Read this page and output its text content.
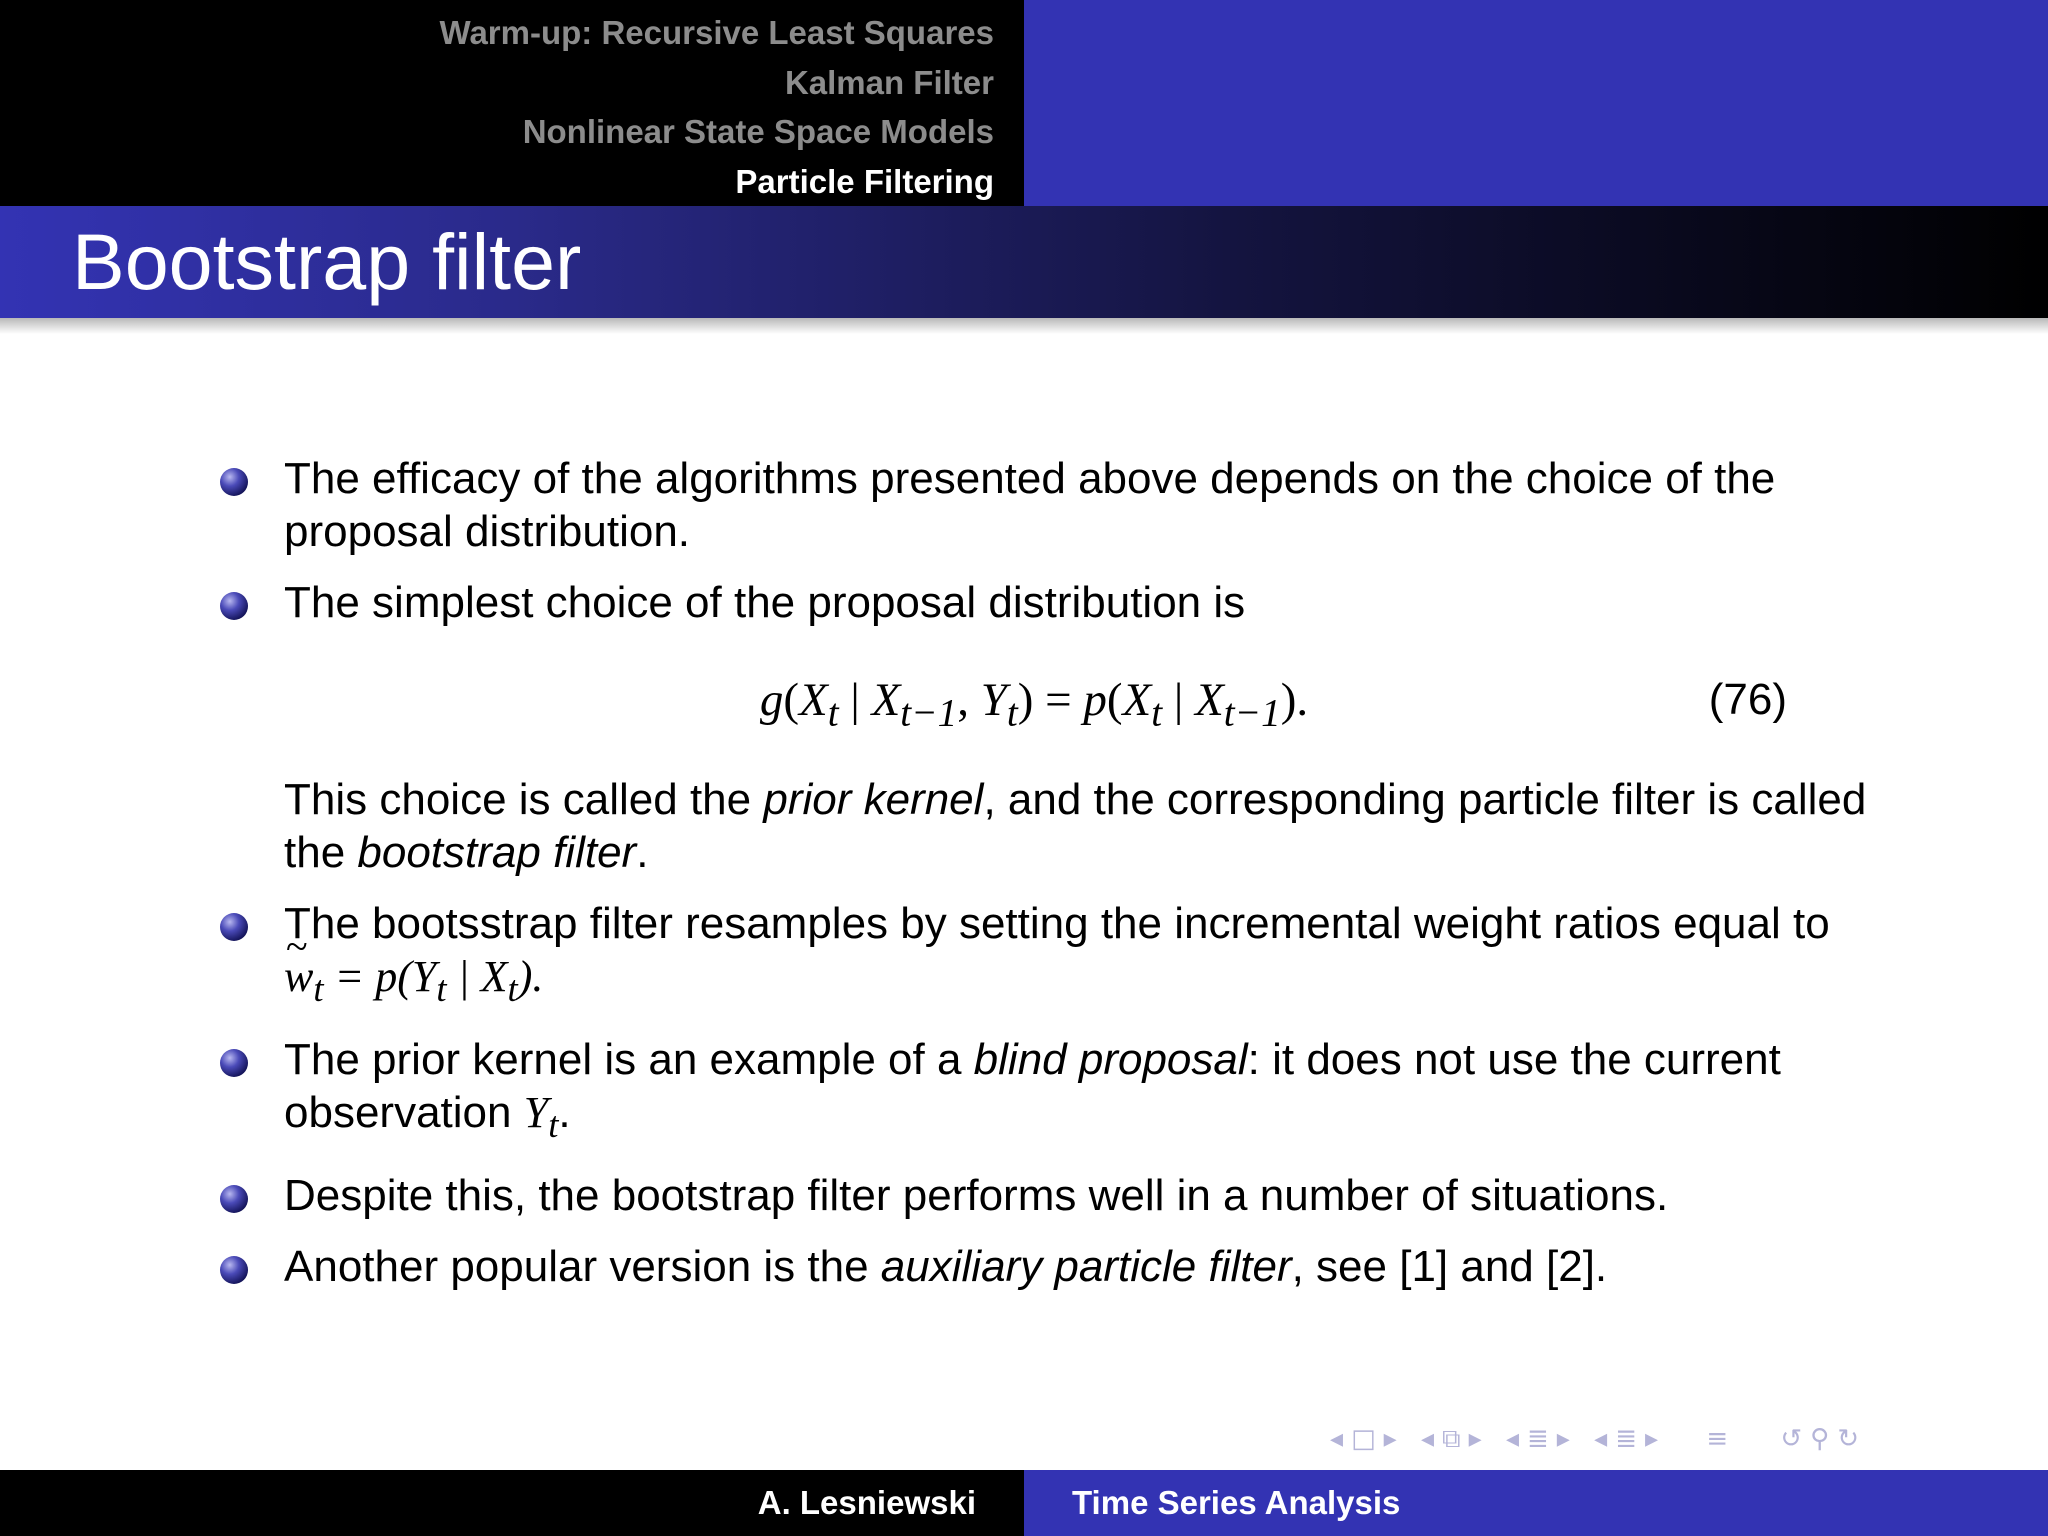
Warm-up: Recursive Least Squares
Kalman Filter
Nonlinear State Space Models
Particle Filtering
Bootstrap filter
The efficacy of the algorithms presented above depends on the choice of the proposal distribution.
The simplest choice of the proposal distribution is
$g(X_t$ | $X_{t-1}$, $Y_t) = p(X_t$ | $X_{t-1}$).	(76)
This choice is called the prior kernel, and the corresponding particle filter is called the bootstrap filter.
The bootsstrap filter resamples by setting the incremental weight ratios equal to
~ $w_t = p(Y_t$ | $X_t$).
The prior kernel is an example of a blind proposal: it does not use the current observation $Y_t$.
Despite this, the bootstrap filter performs well in a number of situations.
Another popular version is the auxiliary particle filter, see [1] and [2].
◂□▸ ◂⧉▸ ◂≣▸ ◂≣▸ ≡ ↺⚲↻
A. Lesniewski	Time Series Analysis
